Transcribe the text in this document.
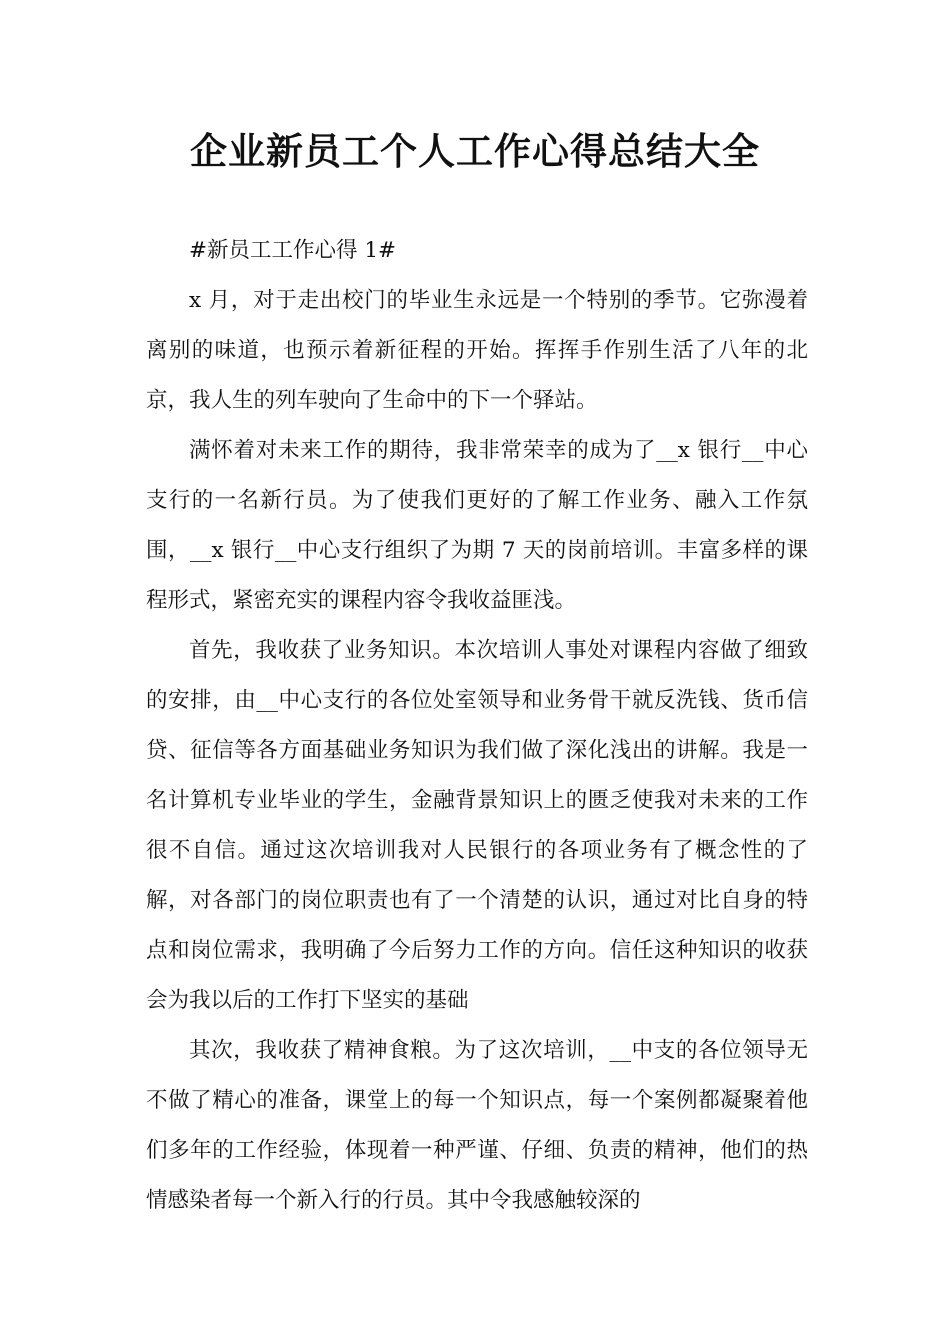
企业新员工个人工作心得总结大全

#新员工工作心得 1#

x 月，对于走出校门的毕业生永远是一个特别的季节。它弥漫着离别的味道，也预示着新征程的开始。挥挥手作别生活了八年的北京，我人生的列车驶向了生命中的下一个驿站。

满怀着对未来工作的期待，我非常荣幸的成为了__x 银行__中心支行的一名新行员。为了使我们更好的了解工作业务、融入工作氛围，__x 银行__中心支行组织了为期 7 天的岗前培训。丰富多样的课程形式，紧密充实的课程内容令我收益匪浅。

首先，我收获了业务知识。本次培训人事处对课程内容做了细致的安排，由__中心支行的各位处室领导和业务骨干就反洗钱、货币信贷、征信等各方面基础业务知识为我们做了深化浅出的讲解。我是一名计算机专业毕业的学生，金融背景知识上的匮乏使我对未来的工作很不自信。通过这次培训我对人民银行的各项业务有了概念性的了解，对各部门的岗位职责也有了一个清楚的认识，通过对比自身的特点和岗位需求，我明确了今后努力工作的方向。信任这种知识的收获会为我以后的工作打下坚实的基础

其次，我收获了精神食粮。为了这次培训，__中支的各位领导无不做了精心的准备，课堂上的每一个知识点，每一个案例都凝聚着他们多年的工作经验，体现着一种严谨、仔细、负责的精神，他们的热情感染者每一个新入行的行员。其中令我感触较深的
